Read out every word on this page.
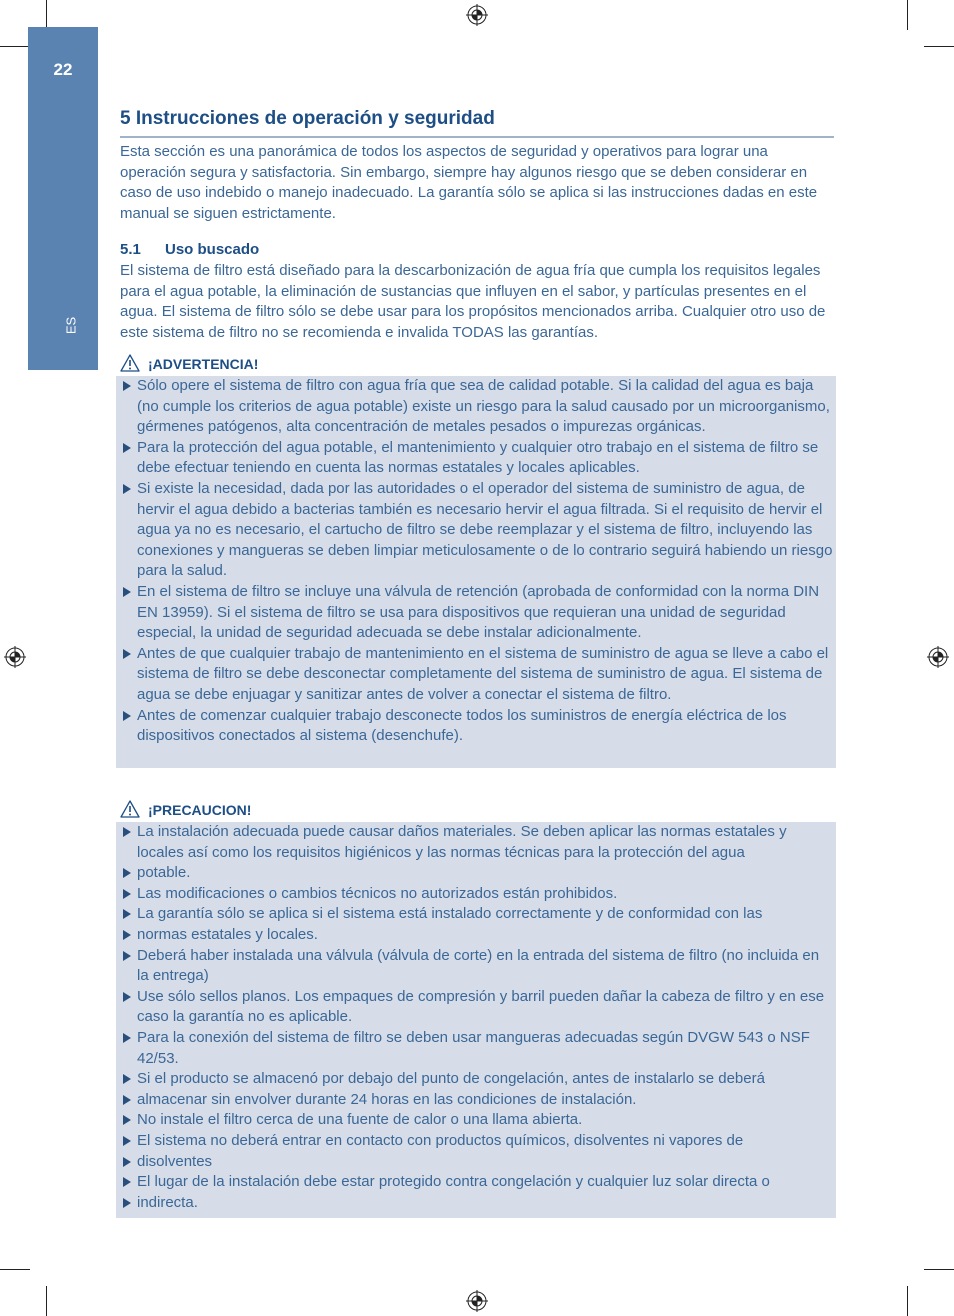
22
ES
5 Instrucciones de operación y seguridad
Esta sección es una panorámica de todos los aspectos de seguridad y operativos para lograr una operación segura y satisfactoria. Sin embargo, siempre hay algunos riesgo que se deben considerar en caso de uso indebido o manejo inadecuado. La garantía sólo se aplica si las instrucciones dadas en este manual se siguen estrictamente.
5.1 Uso buscado
El sistema de filtro está diseñado para la descarbonización de agua fría que cumpla los requisitos legales para el agua potable, la eliminación de sustancias que influyen en el sabor, y partículas presentes en el agua. El sistema de filtro sólo se debe usar para los propósitos mencionados arriba. Cualquier otro uso de este sistema de filtro no se recomienda e invalida TODAS las garantías.
¡ADVERTENCIA!
Sólo opere el sistema de filtro con agua fría que sea de calidad potable. Si la calidad del agua es baja (no cumple los criterios de agua potable) existe un riesgo para la salud causado por un microorganismo, gérmenes patógenos, alta concentración de metales pesados o impurezas orgánicas.
Para la protección del agua potable, el mantenimiento y cualquier otro trabajo en el sistema de filtro se debe efectuar teniendo en cuenta las normas estatales y locales aplicables.
Si existe la necesidad, dada por las autoridades o el operador del sistema de suministro de agua, de hervir el agua debido a bacterias también es necesario hervir el agua filtrada. Si el requisito de hervir el agua ya no es necesario, el cartucho de filtro se debe reemplazar y el sistema de filtro, incluyendo las conexiones y mangueras se deben limpiar meticulosamente o de lo contrario seguirá habiendo un riesgo para la salud.
En el sistema de filtro se incluye una válvula de retención (aprobada de conformidad con la norma DIN EN 13959). Si el sistema de filtro se usa para dispositivos que requieran una unidad de seguridad especial, la unidad de seguridad adecuada se debe instalar adicionalmente.
Antes de que cualquier trabajo de mantenimiento en el sistema de suministro de agua se lleve a cabo el sistema de filtro se debe desconectar completamente del sistema de suministro de agua. El sistema de agua se debe enjuagar y sanitizar antes de volver a conectar el sistema de filtro.
Antes de comenzar cualquier trabajo desconecte todos los suministros de energía eléctrica de los dispositivos conectados al sistema (desenchufe).
¡PRECAUCION!
La instalación adecuada puede causar daños materiales. Se deben aplicar las normas estatales y locales así como los requisitos higiénicos y las normas técnicas para la protección del agua
potable.
Las modificaciones o cambios técnicos no autorizados están prohibidos.
La garantía sólo se aplica si el sistema está instalado correctamente y de conformidad con las
normas estatales y locales.
Deberá haber instalada una válvula (válvula de corte) en la entrada del sistema de filtro (no incluida en la entrega)
Use sólo sellos planos. Los empaques de compresión y barril pueden dañar la cabeza de filtro y en ese caso la garantía no es aplicable.
Para la conexión del sistema de filtro se deben usar mangueras adecuadas según DVGW 543 o NSF 42/53.
Si el producto se almacenó por debajo del punto de congelación, antes de instalarlo se deberá
almacenar sin envolver durante 24 horas en las condiciones de instalación.
No instale el filtro cerca de una fuente de calor o una llama abierta.
El sistema no deberá entrar en contacto con productos químicos, disolventes ni vapores de
disolventes
El lugar de la instalación debe estar protegido contra congelación y cualquier luz solar directa o
indirecta.
